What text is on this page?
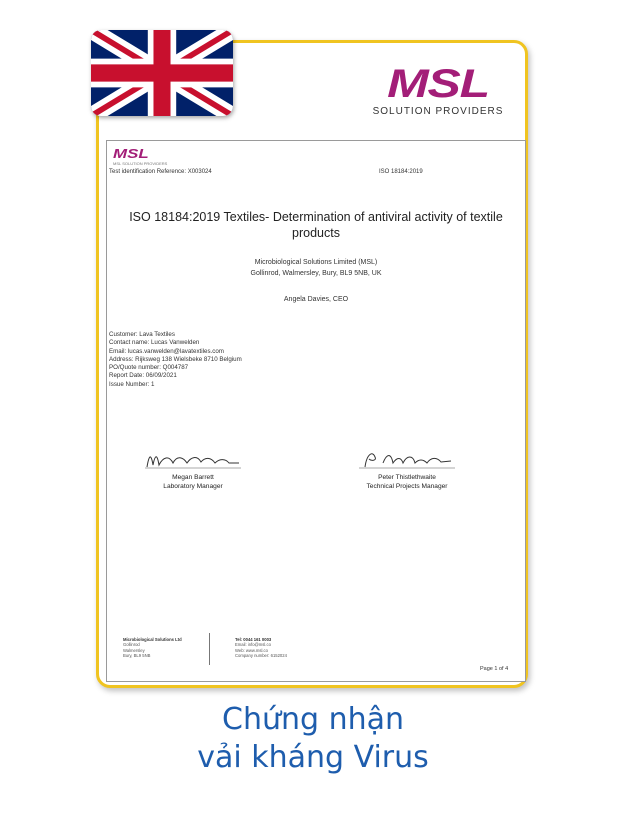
MSL
SOLUTION PROVIDERS
MSL
MSL SOLUTION PROVIDERS
Test identification Reference: X003024	ISO 18184:2019
ISO 18184:2019 Textiles- Determination of antiviral activity of textile
products
Microbiological Solutions Limited (MSL)
Gollinrod, Walmersley, Bury, BL9 5NB, UK
Angela Davies, CEO
Customer: Lava Textiles
Contact name: Lucas Vanwelden
Email: lucas.vanwelden@lavatextiles.com
Address: Rijksweg 138 Wielsbeke 8710 Belgium
PO/Quote number: Q004787
Report Date: 06/09/2021
Issue Number: 1
Megan Barrett
Laboratory Manager
Peter Thistlethwaite
Technical Projects Manager
Microbiological Solutions Ltd
Gollinrod
Walmersley
Bury, BL9 5NB
Tel: 0044 161 0003
Email: info@msl.co
Web: www.msl.co
Company number: 6152024
Page 1 of 4
Chứng nhận
vải kháng Virus
